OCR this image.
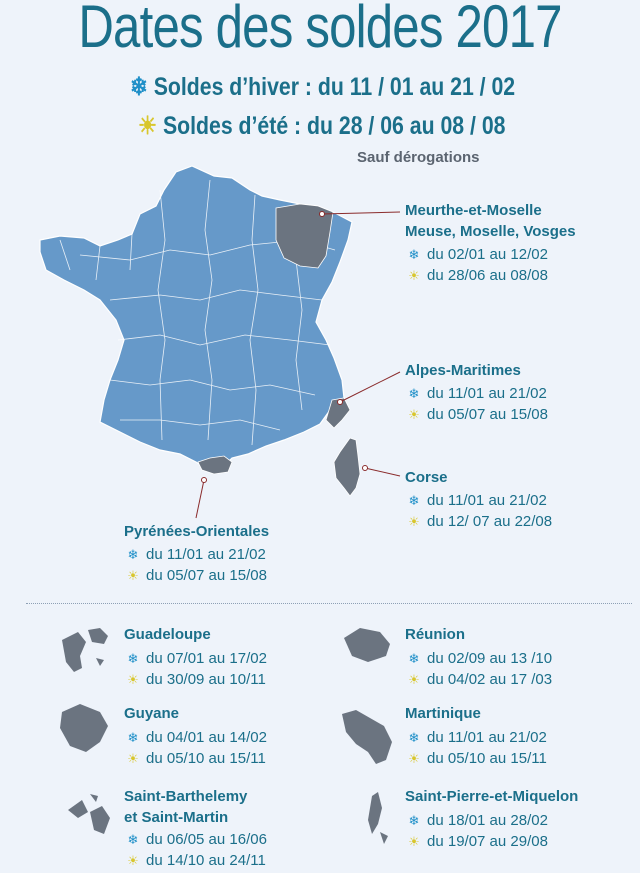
Dates des soldes 2017
❄ Soldes d’hiver : du 11 / 01 au 21 / 02
☀ Soldes d’été : du 28 / 06 au 08 / 08
Sauf dérogations
Meurthe-et-Moselle
Meuse, Moselle, Vosges
❄ du 02/01 au 12/02
☀ du 28/06 au 08/08
Alpes-Maritimes
❄ du 11/01 au 21/02
☀ du 05/07 au 15/08
Corse
❄ du 11/01 au 21/02
☀ du 12/ 07 au 22/08
Pyrénées-Orientales
❄ du 11/01 au 21/02
☀ du 05/07 au 15/08
Guadeloupe
❄ du 07/01 au 17/02
☀ du 30/09 au 10/11
Réunion
❄ du 02/09 au 13 /10
☀ du 04/02 au 17 /03
Guyane
❄ du 04/01 au 14/02
☀ du 05/10 au 15/11
Martinique
❄ du 11/01 au 21/02
☀ du 05/10 au 15/11
Saint-Barthelemy
et Saint-Martin
❄ du 06/05 au 16/06
☀ du 14/10 au 24/11
Saint-Pierre-et-Miquelon
❄ du 18/01 au 28/02
☀ du 19/07 au 29/08
